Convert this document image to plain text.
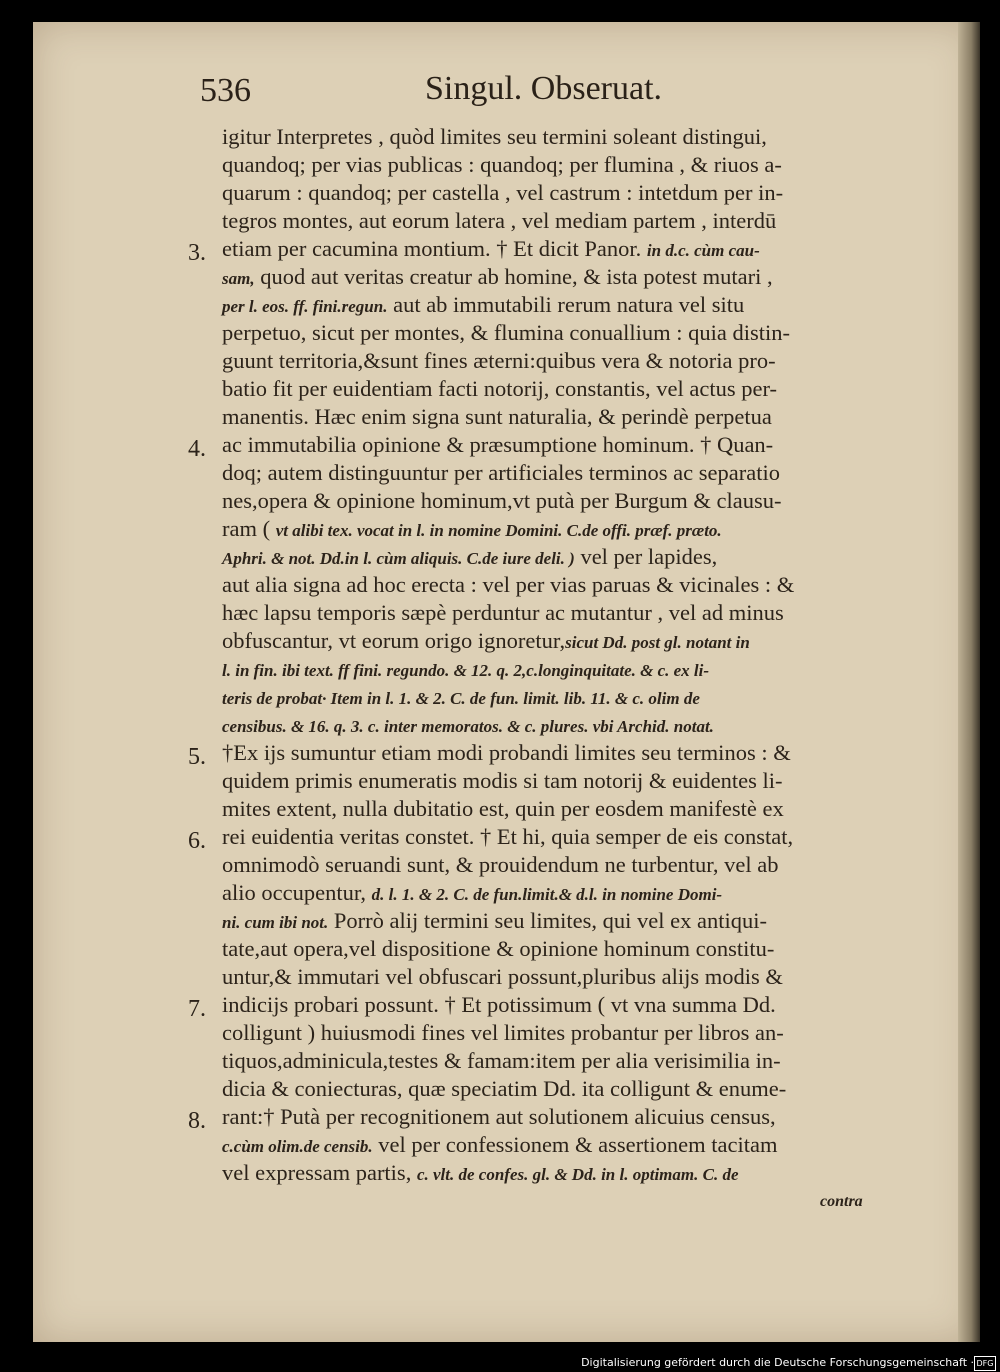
536	Singul. Obseruat.
igitur Interpretes , quòd limites seu termini soleant distingui,
quandoq; per vias publicas : quandoq; per flumina , & riuos a-
quarum : quandoq; per castella , vel castrum : intetdum per in-
tegros montes, aut eorum latera , vel mediam partem , interdū
etiam per cacumina montium. † Et dicit Panor. in d.c. cùm cau-
sam, quod aut veritas creatur ab homine, & ista potest mutari ,
per l. eos. ff. fini.regun. aut ab immutabili rerum natura vel situ
perpetuo, sicut per montes, & flumina conuallium : quia distin-
guunt territoria,&sunt fines æterni:quibus vera & notoria pro-
batio fit per euidentiam facti notorij, constantis, vel actus per-
manentis. Hæc enim signa sunt naturalia, & perindè perpetua
ac immutabilia opinione & præsumptione hominum. † Quan-
doq; autem distinguuntur per artificiales terminos ac separatio
nes,opera & opinione hominum,vt putà per Burgum & clausu-
ram ( vt alibi tex. vocat in l. in nomine Domini. C.de offi. præf. præto.
Aphri. & not. Dd.in l. cùm aliquis. C.de iure deli. ) vel per lapides,
aut alia signa ad hoc erecta : vel per vias paruas & vicinales : &
hæc lapsu temporis sæpè perduntur ac mutantur , vel ad minus
obfuscantur, vt eorum origo ignoretur,sicut Dd. post gl. notant in
l. in fin. ibi text. ff fini. regundo. & 12. q. 2,c.longinquitate. & c. ex li-
teris de probat· Item in l. 1. & 2. C. de fun. limit. lib. 11. & c. olim de
censibus. & 16. q. 3. c. inter memoratos. & c. plures. vbi Archid. notat.
†Ex ijs sumuntur etiam modi probandi limites seu terminos : &
quidem primis enumeratis modis si tam notorij & euidentes li-
mites extent, nulla dubitatio est, quin per eosdem manifestè ex
rei euidentia veritas constet. † Et hi, quia semper de eis constat,
omnimodò seruandi sunt, & prouidendum ne turbentur, vel ab
alio occupentur, d. l. 1. & 2. C. de fun.limit.& d.l. in nomine Domi-
ni. cum ibi not. Porrò alij termini seu limites, qui vel ex antiqui-
tate,aut opera,vel dispositione & opinione hominum constitu-
untur,& immutari vel obfuscari possunt,pluribus alijs modis &
indicijs probari possunt. † Et potissimum ( vt vna summa Dd.
colligunt ) huiusmodi fines vel limites probantur per libros an-
tiquos,adminicula,testes & famam:item per alia verisimilia in-
dicia & coniecturas, quæ speciatim Dd. ita colligunt & enume-
rant:† Putà per recognitionem aut solutionem alicuius census,
c.cùm olim.de censib. vel per confessionem & assertionem tacitam
vel expressam partis, c. vlt. de confes. gl. & Dd. in l. optimam. C. de
3.
4.
5.
6.
7.
8.
contra
Digitalisierung gefördert durch die Deutsche Forschungsgemeinschaft · DFG
